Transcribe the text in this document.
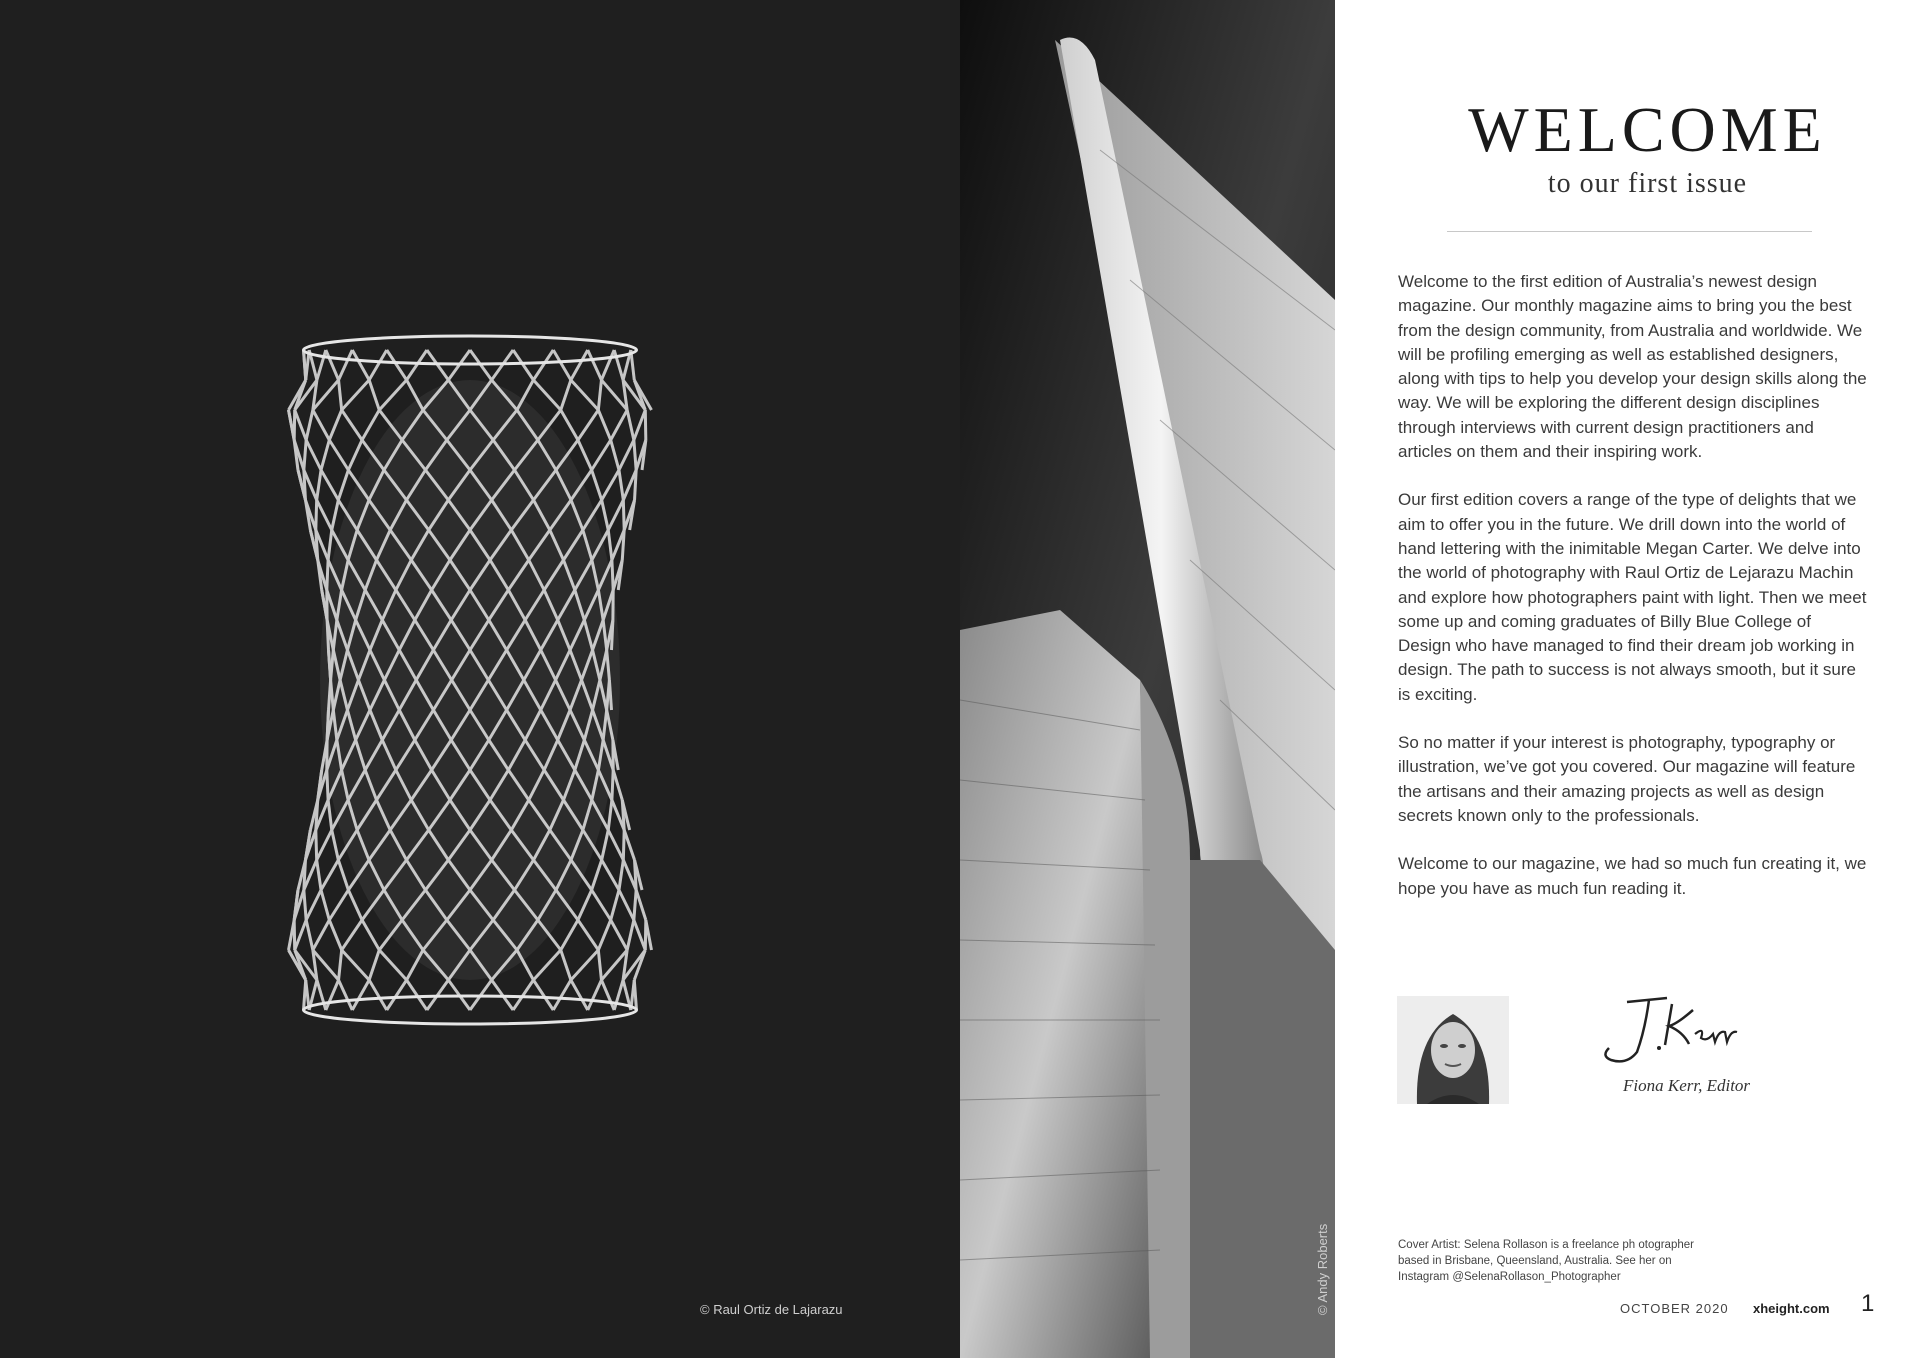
© Raul Ortiz de Lajarazu	© Andy Roberts
WELCOME
to our first issue

Welcome to the first edition of Australia’s newest design magazine. Our monthly magazine aims to bring you the best from the design community, from Australia and worldwide. We will be profiling emerging as well as established designers, along with tips to help you develop your design skills along the way. We will be exploring the different design disciplines through interviews with current design practitioners and articles on them and their inspiring work.

Our first edition covers a range of the type of delights that we aim to offer you in the future. We drill down into the world of hand lettering with the inimitable Megan Carter. We delve into the world of photography with Raul Ortiz de Lejarazu Machin and explore how photographers paint with light. Then we meet some up and coming graduates of Billy Blue College of Design who have managed to find their dream job working in design. The path to success is not always smooth, but it sure is exciting.

So no matter if your interest is photography, typography or illustration, we’ve got you covered. Our magazine will feature the artisans and their amazing projects as well as design secrets known only to the professionals.

Welcome to our magazine, we had so much fun creating it, we hope you have as much fun reading it.

Fiona Kerr, Editor
Cover Artist: Selena Rollason is a freelance ph otographer
based in Brisbane, Queensland, Australia. See her on
Instagram @SelenaRollason_Photographer
OCTOBER 2020 xheight.com 1
